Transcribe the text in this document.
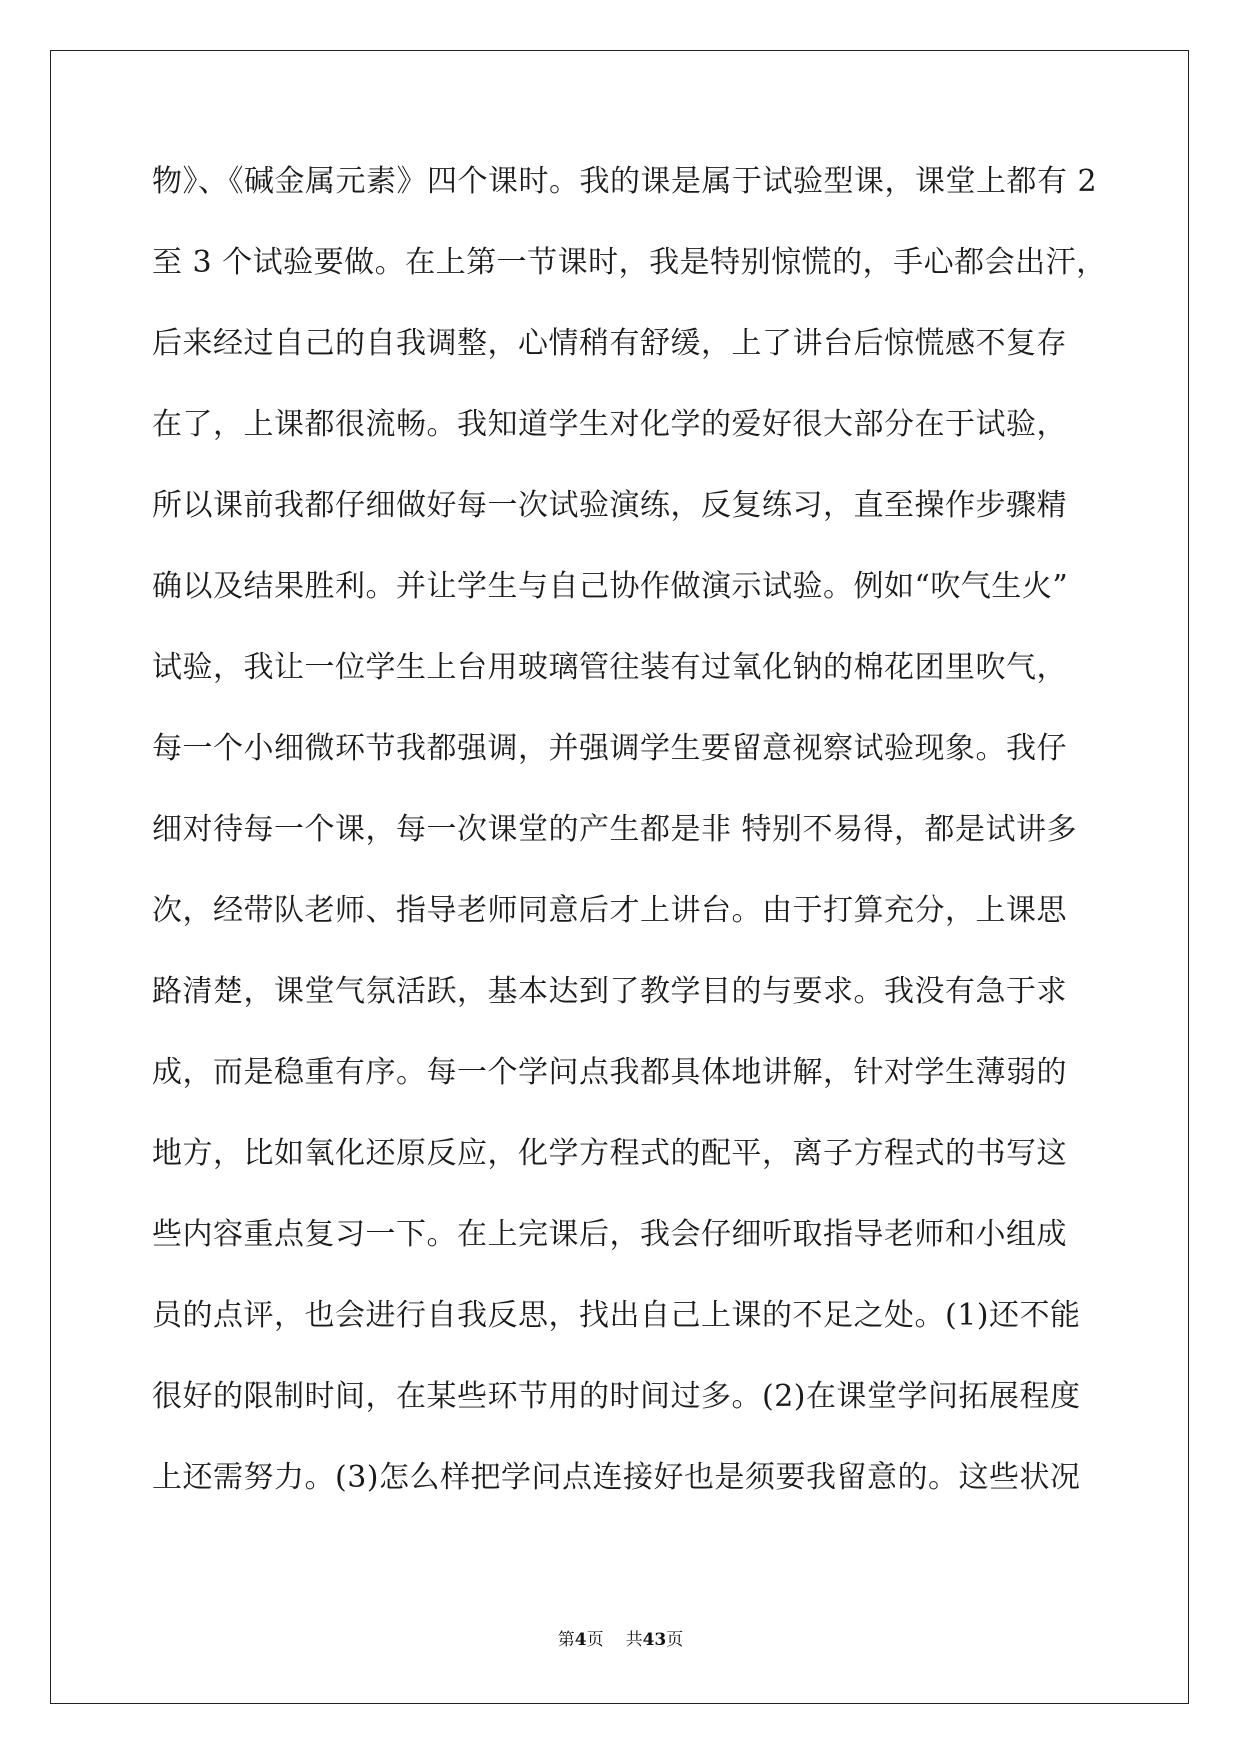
物》、《碱金属元素》四个课时。我的课是属于试验型课，课堂上都有 2
至 3 个试验要做。在上第一节课时，我是特别惊慌的，手心都会出汗，
后来经过自己的自我调整，心情稍有舒缓，上了讲台后惊慌感不复存
在了，上课都很流畅。我知道学生对化学的爱好很大部分在于试验，
所以课前我都仔细做好每一次试验演练，反复练习，直至操作步骤精
确以及结果胜利。并让学生与自己协作做演示试验。例如“吹气生火”
试验，我让一位学生上台用玻璃管往装有过氧化钠的棉花团里吹气，
每一个小细微环节我都强调，并强调学生要留意视察试验现象。我仔
细对待每一个课，每一次课堂的产生都是非 特别不易得，都是试讲多
次，经带队老师、指导老师同意后才上讲台。由于打算充分，上课思
路清楚，课堂气氛活跃，基本达到了教学目的与要求。我没有急于求
成，而是稳重有序。每一个学问点我都具体地讲解，针对学生薄弱的
地方，比如氧化还原反应，化学方程式的配平，离子方程式的书写这
些内容重点复习一下。在上完课后，我会仔细听取指导老师和小组成
员的点评，也会进行自我反思，找出自己上课的不足之处。(1)还不能
很好的限制时间，在某些环节用的时间过多。(2)在课堂学问拓展程度
上还需努力。(3)怎么样把学问点连接好也是须要我留意的。这些状况
第4页 共43页
